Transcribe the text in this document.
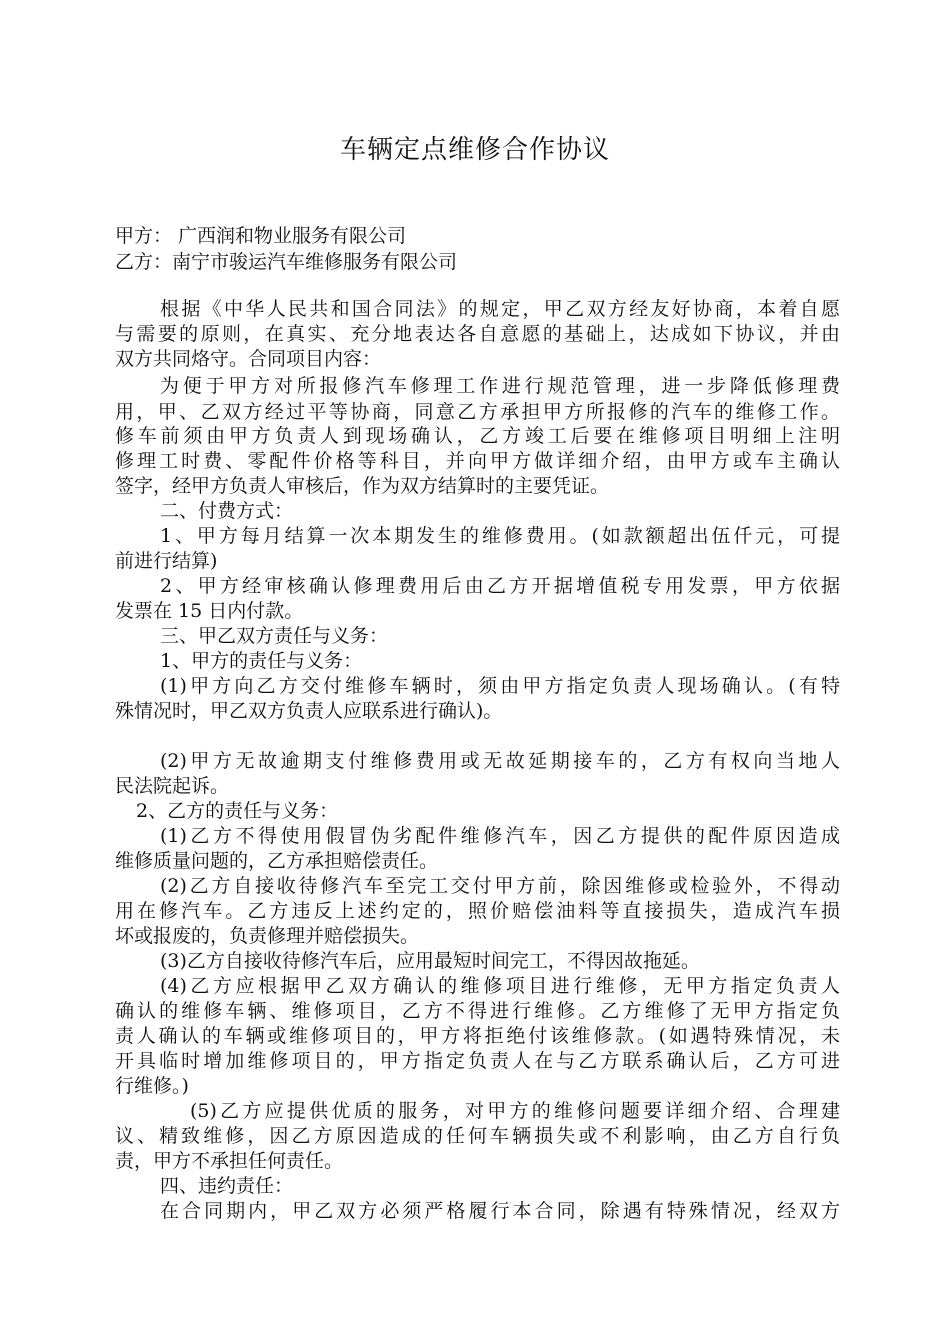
车辆定点维修合作协议
甲方： 广西润和物业服务有限公司
乙方：南宁市骏运汽车维修服务有限公司
根据《中华人民共和国合同法》的规定，甲乙双方经友好协商，本着自愿
与需要的原则，在真实、充分地表达各自意愿的基础上，达成如下协议，并由
双方共同烙守。合同项目内容：
为便于甲方对所报修汽车修理工作进行规范管理，进一步降低修理费
用，甲、乙双方经过平等协商，同意乙方承担甲方所报修的汽车的维修工作。
修车前须由甲方负责人到现场确认，乙方竣工后要在维修项目明细上注明
修理工时费、零配件价格等科目，并向甲方做详细介绍，由甲方或车主确认
签字，经甲方负责人审核后，作为双方结算时的主要凭证。
二、付费方式：
1、甲方每月结算一次本期发生的维修费用。(如款额超出伍仟元，可提
前进行结算)
2、甲方经审核确认修理费用后由乙方开据增值税专用发票，甲方依据
发票在 15 日内付款。
三、甲乙双方责任与义务：
1、甲方的责任与义务：
(1)甲方向乙方交付维修车辆时，须由甲方指定负责人现场确认。(有特
殊情况时，甲乙双方负责人应联系进行确认)。
(2)甲方无故逾期支付维修费用或无故延期接车的，乙方有权向当地人
民法院起诉。
2、乙方的责任与义务：
(1)乙方不得使用假冒伪劣配件维修汽车，因乙方提供的配件原因造成
维修质量问题的，乙方承担赔偿责任。
(2)乙方自接收待修汽车至完工交付甲方前，除因维修或检验外，不得动
用在修汽车。乙方违反上述约定的，照价赔偿油料等直接损失，造成汽车损
坏或报废的，负责修理并赔偿损失。
(3)乙方自接收待修汽车后，应用最短时间完工，不得因故拖延。
(4)乙方应根据甲乙双方确认的维修项目进行维修，无甲方指定负责人
确认的维修车辆、维修项目，乙方不得进行维修。乙方维修了无甲方指定负
责人确认的车辆或维修项目的，甲方将拒绝付该维修款。(如遇特殊情况，未
开具临时增加维修项目的，甲方指定负责人在与乙方联系确认后，乙方可进
行维修。)
(5)乙方应提供优质的服务，对甲方的维修问题要详细介绍、合理建
议、精致维修，因乙方原因造成的任何车辆损失或不利影响，由乙方自行负
责，甲方不承担任何责任。
四、违约责任：
在合同期内，甲乙双方必须严格履行本合同，除遇有特殊情况，经双方
